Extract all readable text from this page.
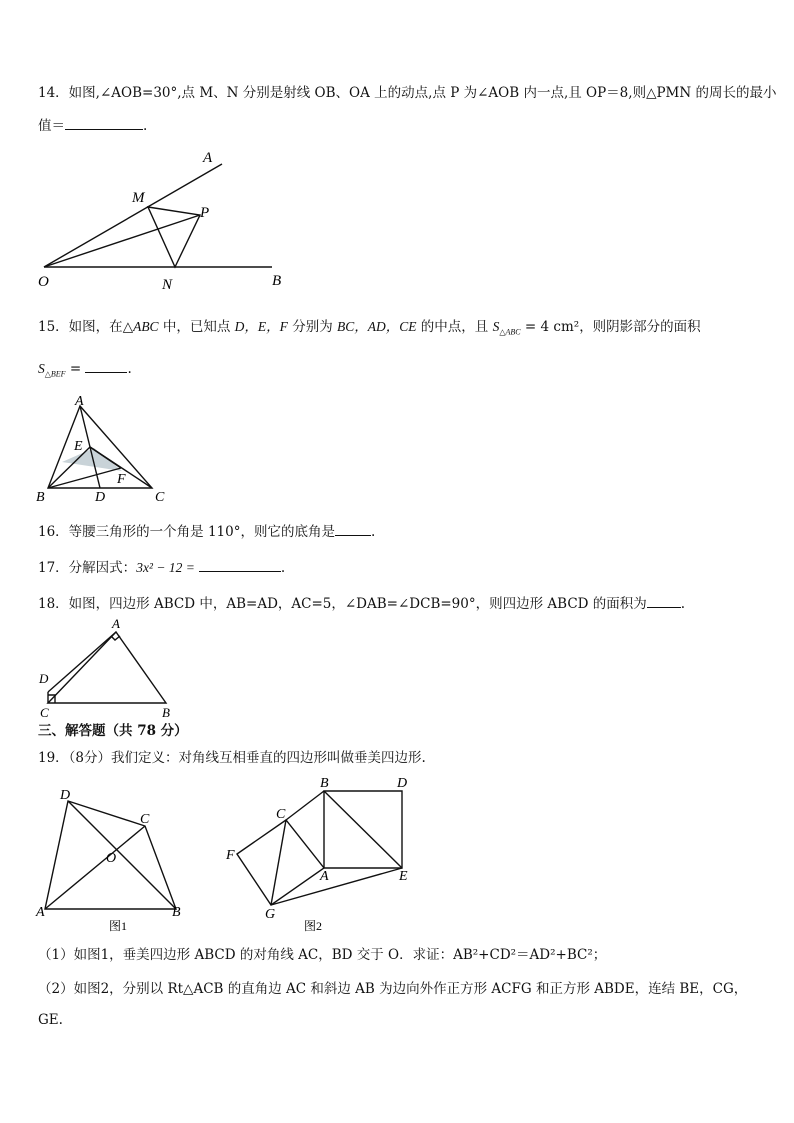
14．如图,∠AOB=30°,点 M、N 分别是射线 OB、OA 上的动点,点 P 为∠AOB 内一点,且 OP＝8,则△PMN 的周长的最小
值＝	.
A
M
P
O	N	B
15．如图，在△ABC 中，已知点 D，E，F 分别为 BC，AD，CE 的中点，且 $S_{\triangle ABC} = 4$ cm²，则阴影部分的面积
$S_{\triangle BEF}$ =	.
A
E
F
B	D	C
16．等腰三角形的一个角是 110°，则它的底角是	.
17．分解因式：3x² − 12 =	.
18．如图，四边形 ABCD 中，AB=AD，AC=5，∠DAB=∠DCB=90°，则四边形 ABCD 的面积为	.
A
D
C	B
三、解答题（共 78 分）
19．（8分）我们定义：对角线互相垂直的四边形叫做垂美四边形.
D
C
O
A	B
图1
B	D
C
F
A	E
G
图2
（1）如图1，垂美四边形 ABCD 的对角线 AC，BD 交于 O．求证：AB²+CD²＝AD²+BC²；
（2）如图2，分别以 Rt△ACB 的直角边 AC 和斜边 AB 为边向外作正方形 ACFG 和正方形 ABDE，连结 BE，CG，
GE.
